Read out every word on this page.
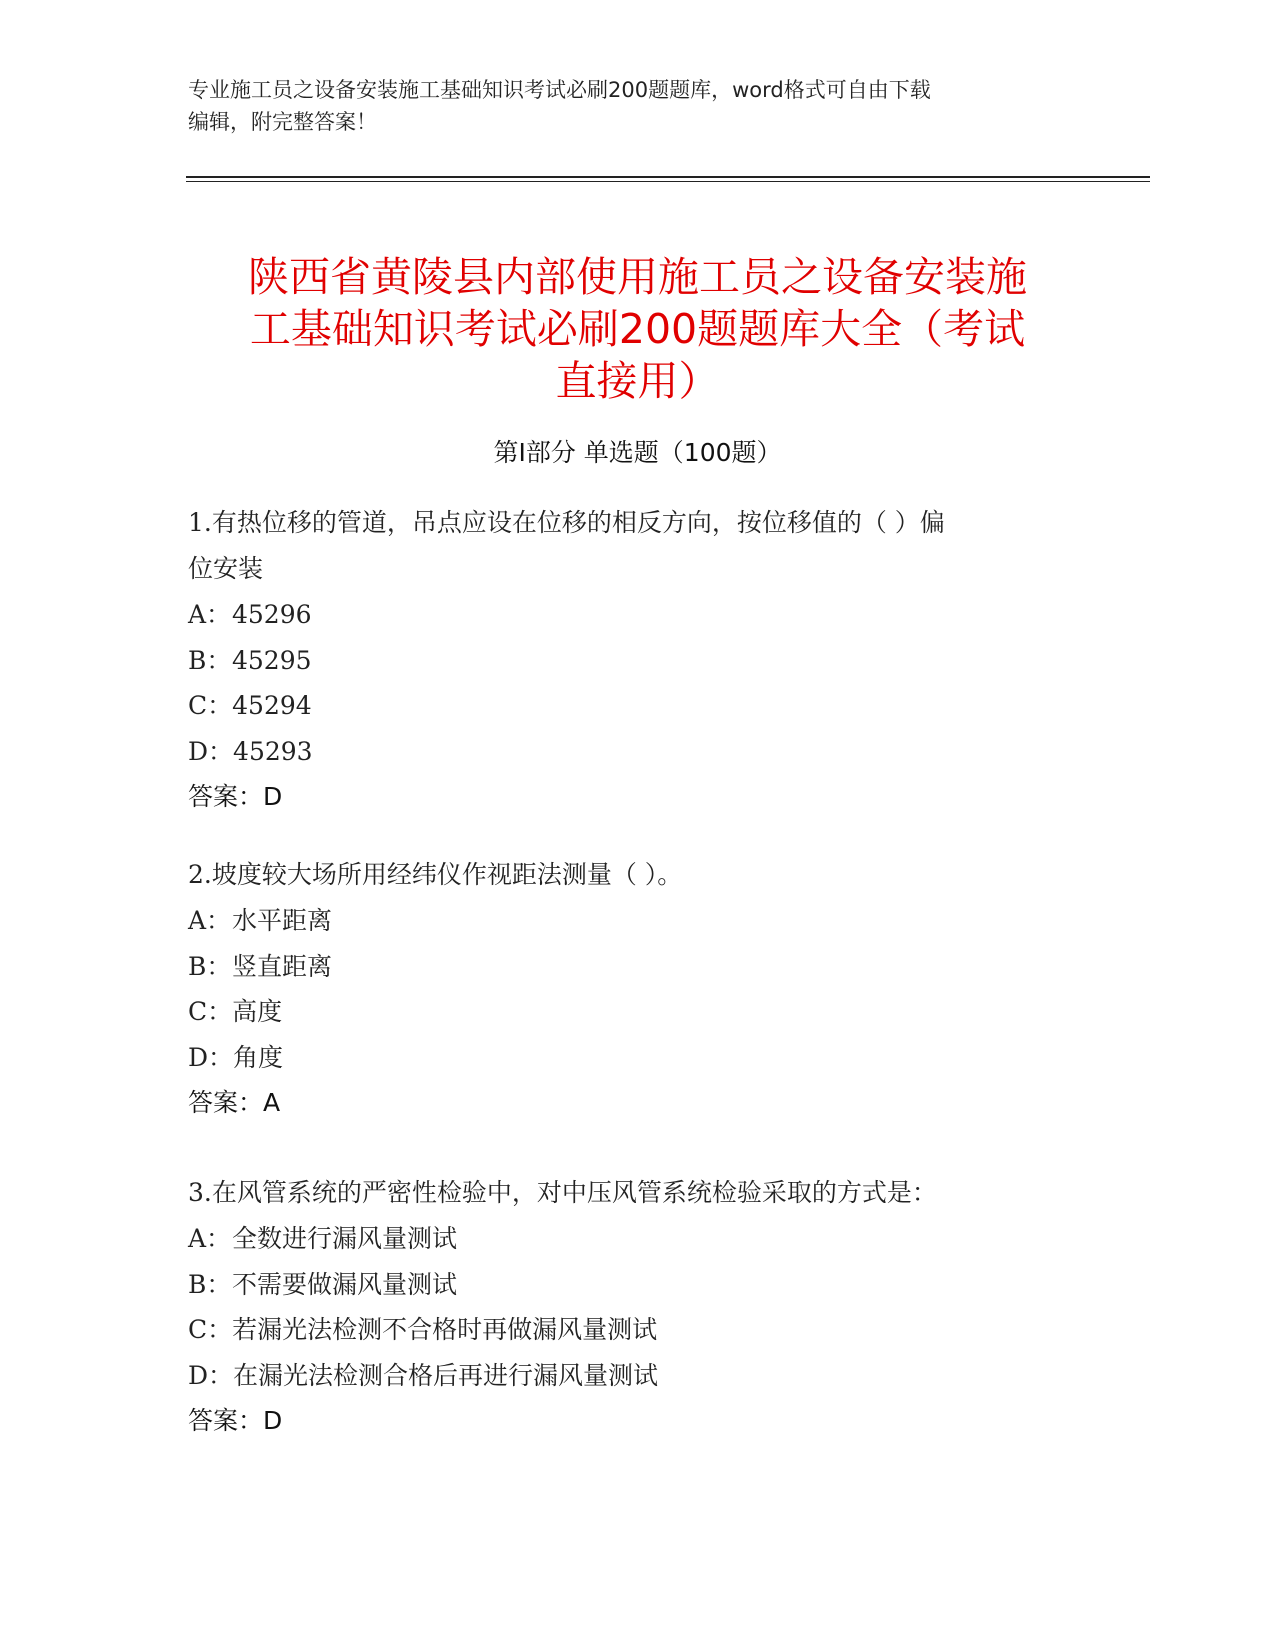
专业施工员之设备安装施工基础知识考试必刷200题题库，word格式可自由下载
编辑，附完整答案！
陕西省黄陵县内部使用施工员之设备安装施
工基础知识考试必刷200题题库大全（考试
直接用）
第Ⅰ部分 单选题（100题）

1.有热位移的管道，吊点应设在位移的相反方向，按位移值的（ ）偏

位安装

A：45296

B：45295

C：45294

D：45293

答案：D

2.坡度较大场所用经纬仪作视距法测量（ ）。

A：水平距离

B：竖直距离

C：高度

D：角度

答案：A

3.在风管系统的严密性检验中，对中压风管系统检验采取的方式是：

A：全数进行漏风量测试

B：不需要做漏风量测试

C：若漏光法检测不合格时再做漏风量测试

D：在漏光法检测合格后再进行漏风量测试

答案：D
